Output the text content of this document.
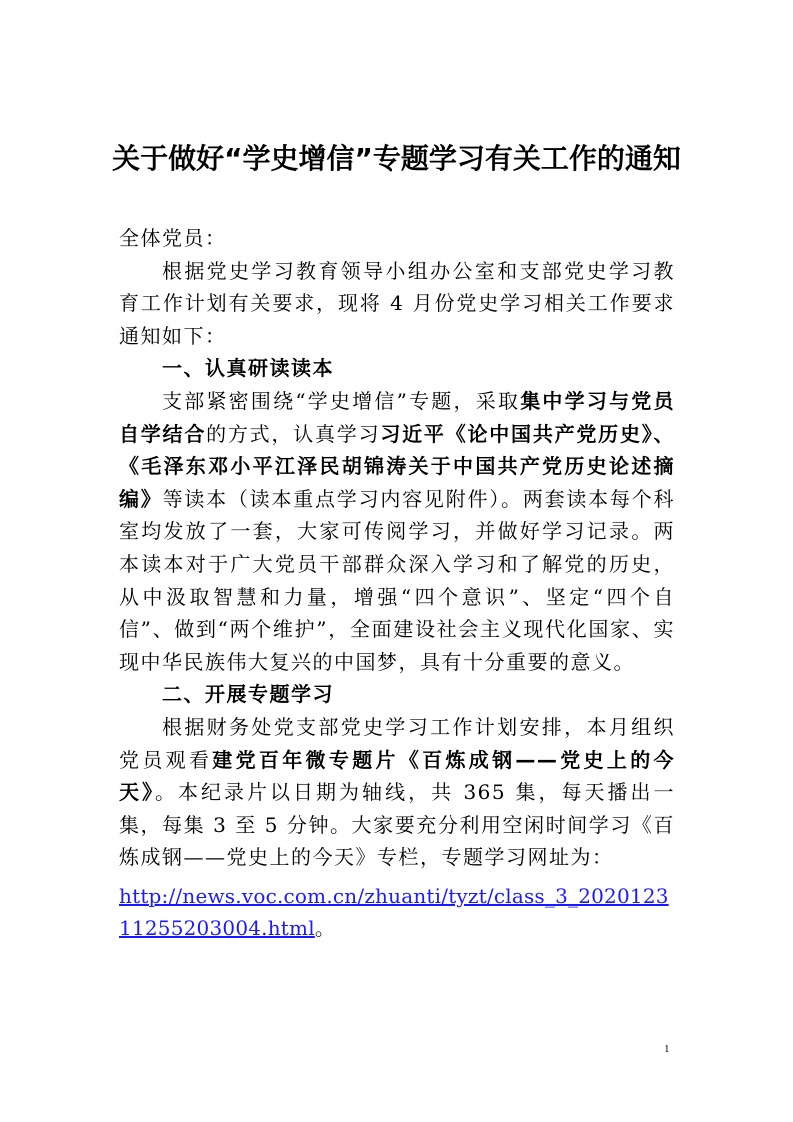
关于做好“学史增信”专题学习有关工作的通知

全体党员：

根据党史学习教育领导小组办公室和支部党史学习教育工作计划有关要求，现将 4 月份党史学习相关工作要求通知如下：

一、认真研读读本

支部紧密围绕“学史增信”专题，采取集中学习与党员自学结合的方式，认真学习习近平《论中国共产党历史》、《毛泽东邓小平江泽民胡锦涛关于中国共产党历史论述摘编》等读本（读本重点学习内容见附件）。两套读本每个科室均发放了一套，大家可传阅学习，并做好学习记录。两本读本对于广大党员干部群众深入学习和了解党的历史，从中汲取智慧和力量，增强“四个意识”、坚定“四个自信”、做到“两个维护”，全面建设社会主义现代化国家、实现中华民族伟大复兴的中国梦，具有十分重要的意义。

二、开展专题学习

根据财务处党支部党史学习工作计划安排，本月组织党员观看建党百年微专题片《百炼成钢——党史上的今天》。本纪录片以日期为轴线，共 365 集，每天播出一集，每集 3 至 5 分钟。大家要充分利用空闲时间学习《百炼成钢——党史上的今天》专栏，专题学习网址为：

http://news.voc.com.cn/zhuanti/tyzt/class_3_202012311255203004.html。

1
